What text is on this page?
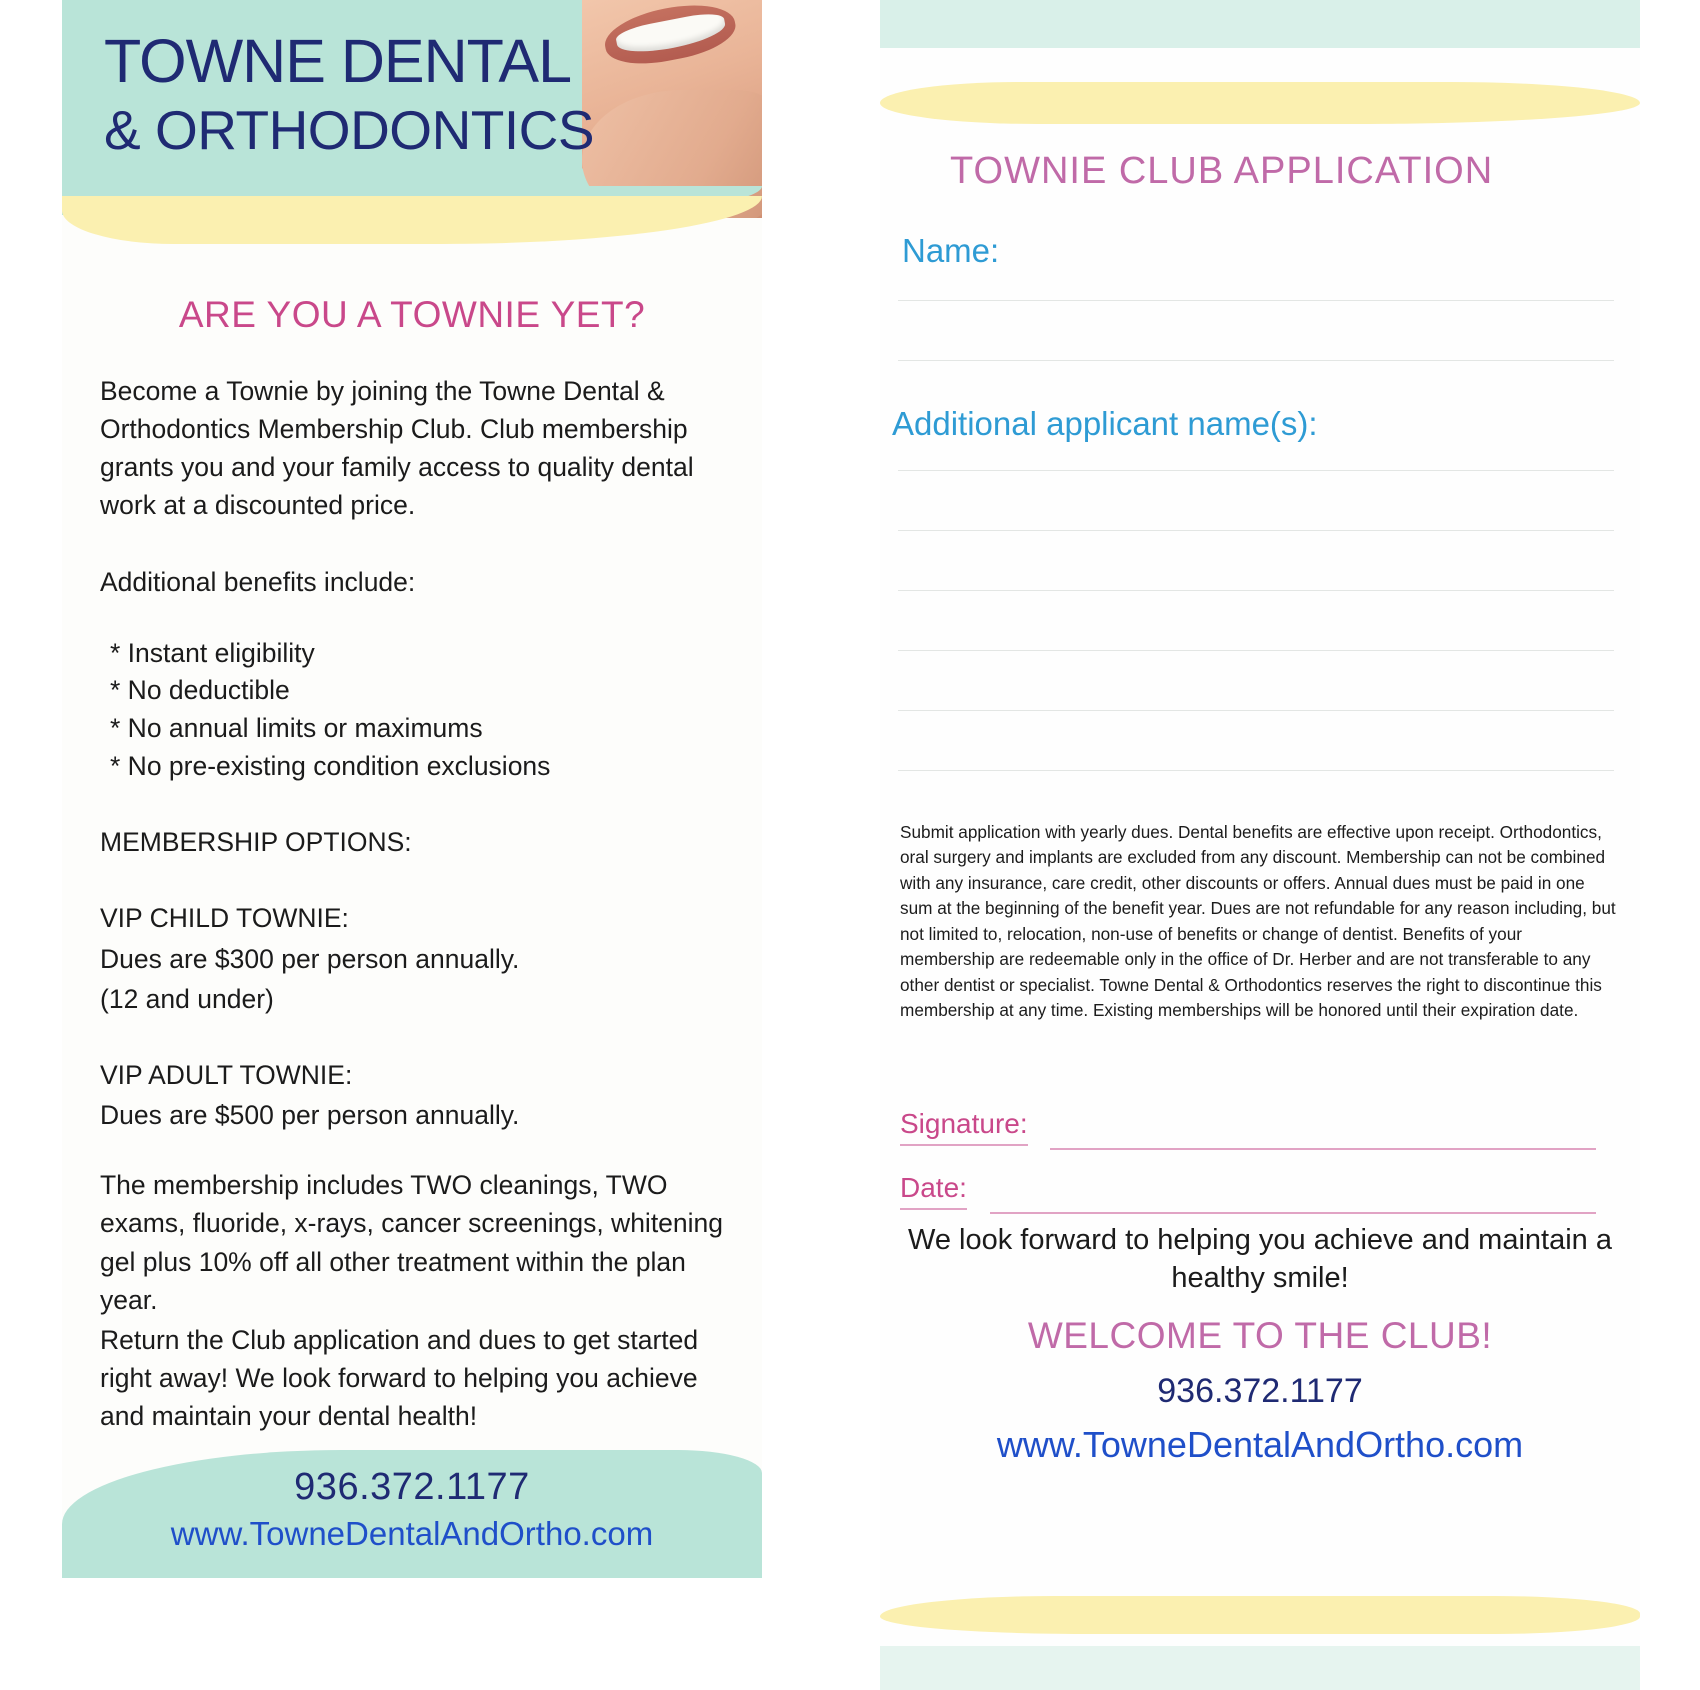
TOWNE DENTAL
& ORTHODONTICS
ARE YOU A TOWNIE YET?
Become a Townie by joining the Towne Dental & Orthodontics Membership Club. Club membership grants you and your family access to quality dental work at a discounted price.
Additional benefits include:
* Instant eligibility
* No deductible
* No annual limits or maximums
* No pre-existing condition exclusions
MEMBERSHIP OPTIONS:
VIP CHILD TOWNIE:
Dues are $300 per person annually.
(12 and under)
VIP ADULT TOWNIE:
Dues are $500 per person annually.
The membership includes TWO cleanings, TWO exams, fluoride, x-rays, cancer screenings, whitening gel plus 10% off all other treatment within the plan year.
Return the Club application and dues to get started right away! We look forward to helping you achieve and maintain your dental health!
936.372.1177
www.TowneDentalAndOrtho.com
TOWNIE CLUB APPLICATION
Name:
Additional applicant name(s):
Submit application with yearly dues. Dental benefits are effective upon receipt. Orthodontics, oral surgery and implants are excluded from any discount. Membership can not be combined with any insurance, care credit, other discounts or offers. Annual dues must be paid in one sum at the beginning of the benefit year. Dues are not refundable for any reason including, but not limited to, relocation, non-use of benefits or change of dentist. Benefits of your membership are redeemable only in the office of Dr. Herber and are not transferable to any other dentist or specialist. Towne Dental & Orthodontics reserves the right to discontinue this membership at any time. Existing memberships will be honored until their expiration date.
Signature:
Date:
We look forward to helping you achieve and maintain a healthy smile!
WELCOME TO THE CLUB!
936.372.1177
www.TowneDentalAndOrtho.com
